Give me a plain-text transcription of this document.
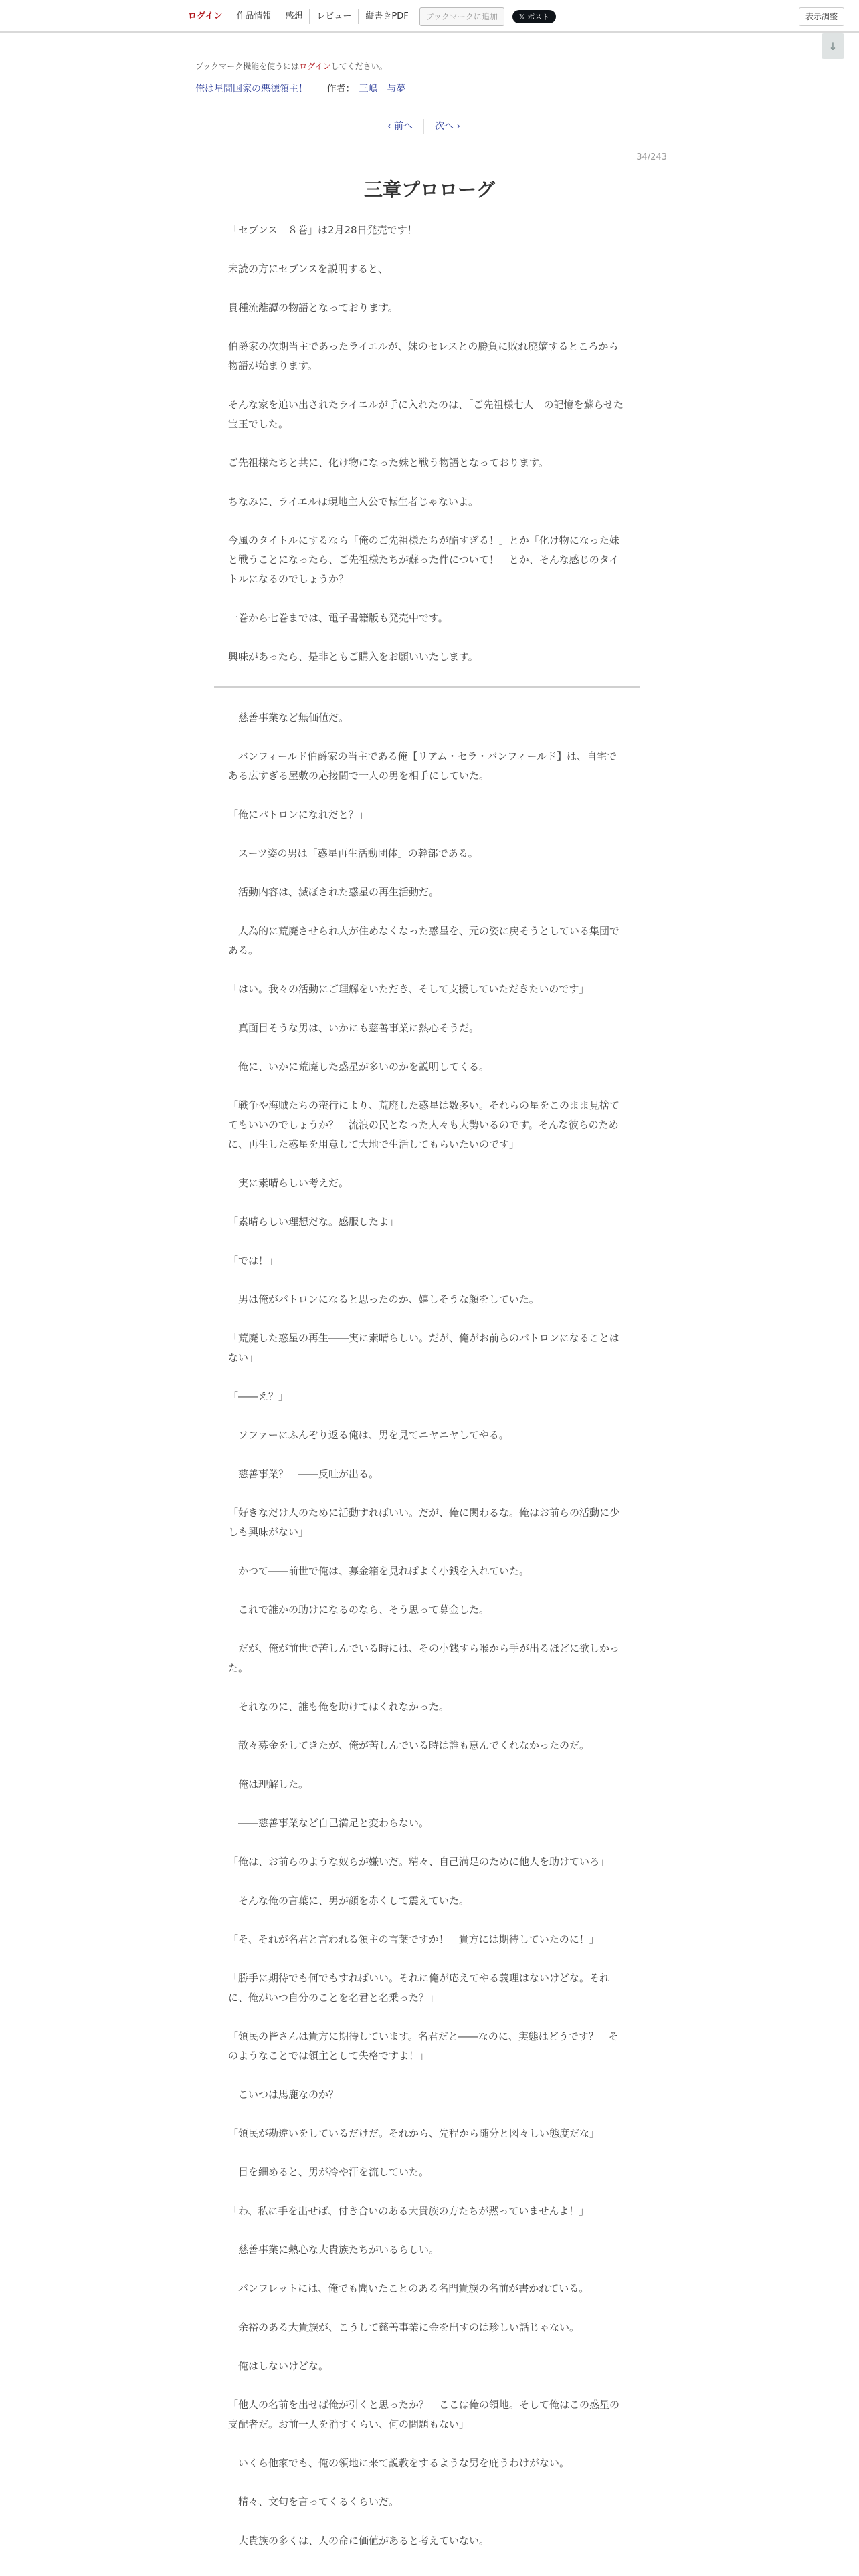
ログイン	作品情報	感想	レビュー	縦書きPDF	ブックマークに追加	𝕏 ポスト	表示調整
↓
ブックマーク機能を使うにはログインしてください。
俺は星間国家の悪徳領主！ 作者： 三嶋　与夢
‹ 前へ	次へ ›
34/243
三章プロローグ

「セブンス　８巻」は2月28日発売です！

未読の方にセブンスを説明すると、

貴種流離譚の物語となっております。

伯爵家の次期当主であったライエルが、妹のセレスとの勝負に敗れ廃嫡するところから物語が始まります。

そんな家を追い出されたライエルが手に入れたのは、「ご先祖様七人」の記憶を蘇らせた宝玉でした。

ご先祖様たちと共に、化け物になった妹と戦う物語となっております。

ちなみに、ライエルは現地主人公で転生者じゃないよ。

今風のタイトルにするなら「俺のご先祖様たちが酷すぎる！」とか「化け物になった妹と戦うことになったら、ご先祖様たちが蘇った件について！」とか、そんな感じのタイトルになるのでしょうか？

一巻から七巻までは、電子書籍版も発売中です。

興味があったら、是非ともご購入をお願いいたします。

　慈善事業など無価値だ。

　バンフィールド伯爵家の当主である俺【リアム・セラ・バンフィールド】は、自宅である広すぎる屋敷の応接間で一人の男を相手にしていた。

「俺にパトロンになれだと？」

　スーツ姿の男は「惑星再生活動団体」の幹部である。

　活動内容は、滅ぼされた惑星の再生活動だ。

　人為的に荒廃させられ人が住めなくなった惑星を、元の姿に戻そうとしている集団である。

「はい。我々の活動にご理解をいただき、そして支援していただきたいのです」

　真面目そうな男は、いかにも慈善事業に熱心そうだ。

　俺に、いかに荒廃した惑星が多いのかを説明してくる。

「戦争や海賊たちの蛮行により、荒廃した惑星は数多い。それらの星をこのまま見捨ててもいいのでしょうか？　流浪の民となった人々も大勢いるのです。そんな彼らのために、再生した惑星を用意して大地で生活してもらいたいのです」

　実に素晴らしい考えだ。

「素晴らしい理想だな。感服したよ」

「では！」

　男は俺がパトロンになると思ったのか、嬉しそうな顔をしていた。

「荒廃した惑星の再生――実に素晴らしい。だが、俺がお前らのパトロンになることはない」

「――え？」

　ソファーにふんぞり返る俺は、男を見てニヤニヤしてやる。

　慈善事業？　――反吐が出る。

「好きなだけ人のために活動すればいい。だが、俺に関わるな。俺はお前らの活動に少しも興味がない」

　かつて――前世で俺は、募金箱を見ればよく小銭を入れていた。

　これで誰かの助けになるのなら、そう思って募金した。

　だが、俺が前世で苦しんでいる時には、その小銭すら喉から手が出るほどに欲しかった。

　それなのに、誰も俺を助けてはくれなかった。

　散々募金をしてきたが、俺が苦しんでいる時は誰も恵んでくれなかったのだ。

　俺は理解した。

　――慈善事業など自己満足と変わらない。

「俺は、お前らのような奴らが嫌いだ。精々、自己満足のために他人を助けていろ」

　そんな俺の言葉に、男が顔を赤くして震えていた。

「そ、それが名君と言われる領主の言葉ですか！　貴方には期待していたのに！」

「勝手に期待でも何でもすればいい。それに俺が応えてやる義理はないけどな。それに、俺がいつ自分のことを名君と名乗った？」

「領民の皆さんは貴方に期待しています。名君だと――なのに、実態はどうです？　そのようなことでは領主として失格ですよ！」

　こいつは馬鹿なのか？

「領民が勘違いをしているだけだ。それから、先程から随分と図々しい態度だな」

　目を細めると、男が冷や汗を流していた。

「わ、私に手を出せば、付き合いのある大貴族の方たちが黙っていませんよ！」

　慈善事業に熱心な大貴族たちがいるらしい。

　パンフレットには、俺でも聞いたことのある名門貴族の名前が書かれている。

　余裕のある大貴族が、こうして慈善事業に金を出すのは珍しい話じゃない。

　俺はしないけどな。

「他人の名前を出せば俺が引くと思ったか？　ここは俺の領地。そして俺はこの惑星の支配者だ。お前一人を消すくらい、何の問題もない」

　いくら他家でも、俺の領地に来て説教をするような男を庇うわけがない。

　精々、文句を言ってくるくらいだ。

　大貴族の多くは、人の命に価値があると考えていない。
